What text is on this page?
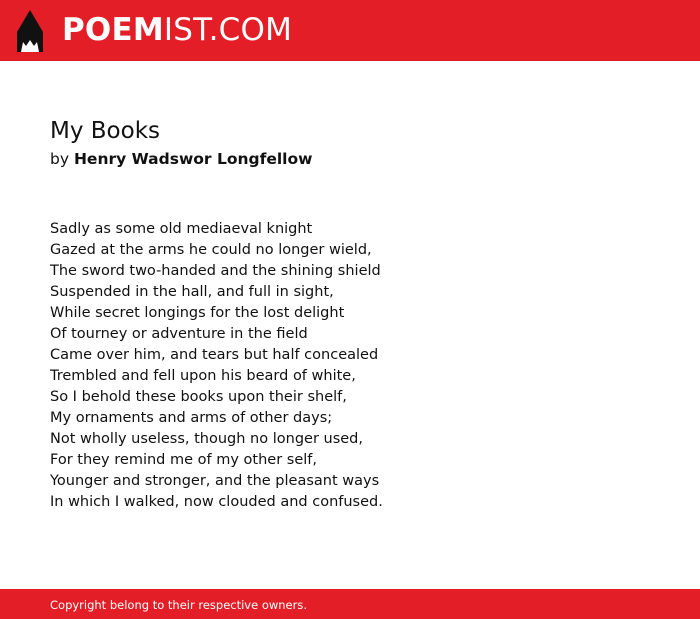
POEMIST.COM
My Books
by Henry Wadswor Longfellow
Sadly as some old mediaeval knight
Gazed at the arms he could no longer wield,
The sword two-handed and the shining shield
Suspended in the hall, and full in sight,
While secret longings for the lost delight
Of tourney or adventure in the field
Came over him, and tears but half concealed
Trembled and fell upon his beard of white,
So I behold these books upon their shelf,
My ornaments and arms of other days;
Not wholly useless, though no longer used,
For they remind me of my other self,
Younger and stronger, and the pleasant ways
In which I walked, now clouded and confused.
Copyright belong to their respective owners.
